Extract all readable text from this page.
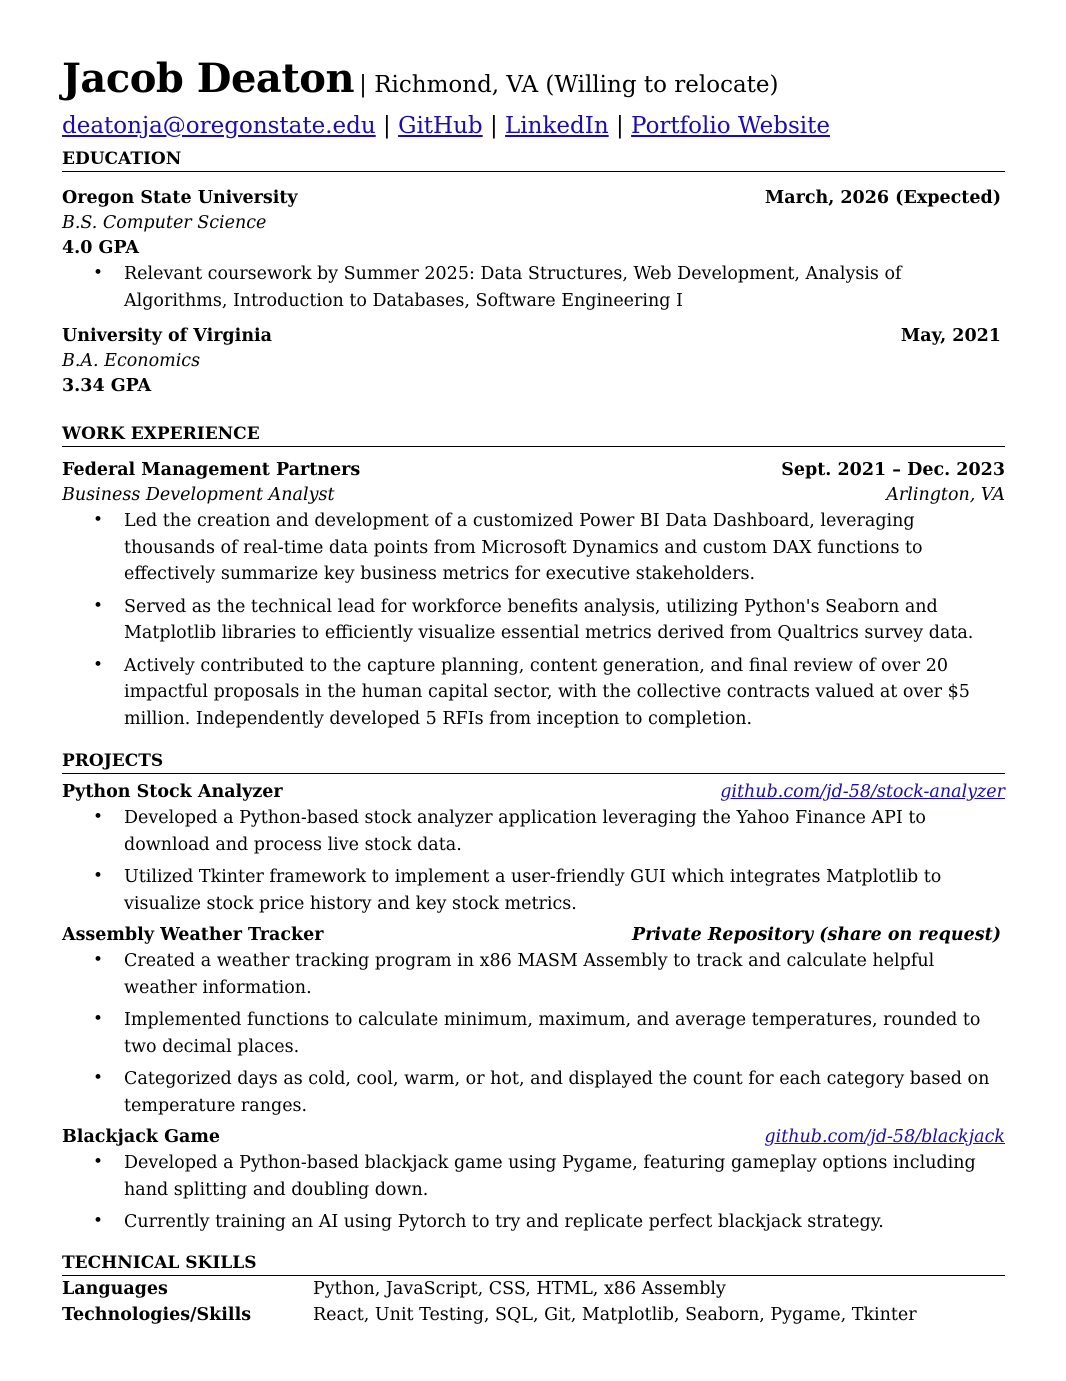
Jacob Deaton | Richmond, VA (Willing to relocate)
deatonja@oregonstate.edu | GitHub | LinkedIn | Portfolio Website
EDUCATION
Oregon State University	March, 2026 (Expected)
B.S. Computer Science
4.0 GPA
• Relevant coursework by Summer 2025: Data Structures, Web Development, Analysis of Algorithms, Introduction to Databases, Software Engineering I
University of Virginia	May, 2021
B.A. Economics
3.34 GPA
WORK EXPERIENCE
Federal Management Partners	Sept. 2021 – Dec. 2023
Business Development Analyst	Arlington, VA
• Led the creation and development of a customized Power BI Data Dashboard, leveraging thousands of real-time data points from Microsoft Dynamics and custom DAX functions to effectively summarize key business metrics for executive stakeholders.
• Served as the technical lead for workforce benefits analysis, utilizing Python's Seaborn and Matplotlib libraries to efficiently visualize essential metrics derived from Qualtrics survey data.
• Actively contributed to the capture planning, content generation, and final review of over 20 impactful proposals in the human capital sector, with the collective contracts valued at over $5 million. Independently developed 5 RFIs from inception to completion.
PROJECTS
Python Stock Analyzer	github.com/jd-58/stock-analyzer
• Developed a Python-based stock analyzer application leveraging the Yahoo Finance API to download and process live stock data.
• Utilized Tkinter framework to implement a user-friendly GUI which integrates Matplotlib to visualize stock price history and key stock metrics.
Assembly Weather Tracker	Private Repository (share on request)
• Created a weather tracking program in x86 MASM Assembly to track and calculate helpful weather information.
• Implemented functions to calculate minimum, maximum, and average temperatures, rounded to two decimal places.
• Categorized days as cold, cool, warm, or hot, and displayed the count for each category based on temperature ranges.
Blackjack Game	github.com/jd-58/blackjack
• Developed a Python-based blackjack game using Pygame, featuring gameplay options including hand splitting and doubling down.
• Currently training an AI using Pytorch to try and replicate perfect blackjack strategy.
TECHNICAL SKILLS
Languages	Python, JavaScript, CSS, HTML, x86 Assembly
Technologies/Skills	React, Unit Testing, SQL, Git, Matplotlib, Seaborn, Pygame, Tkinter
